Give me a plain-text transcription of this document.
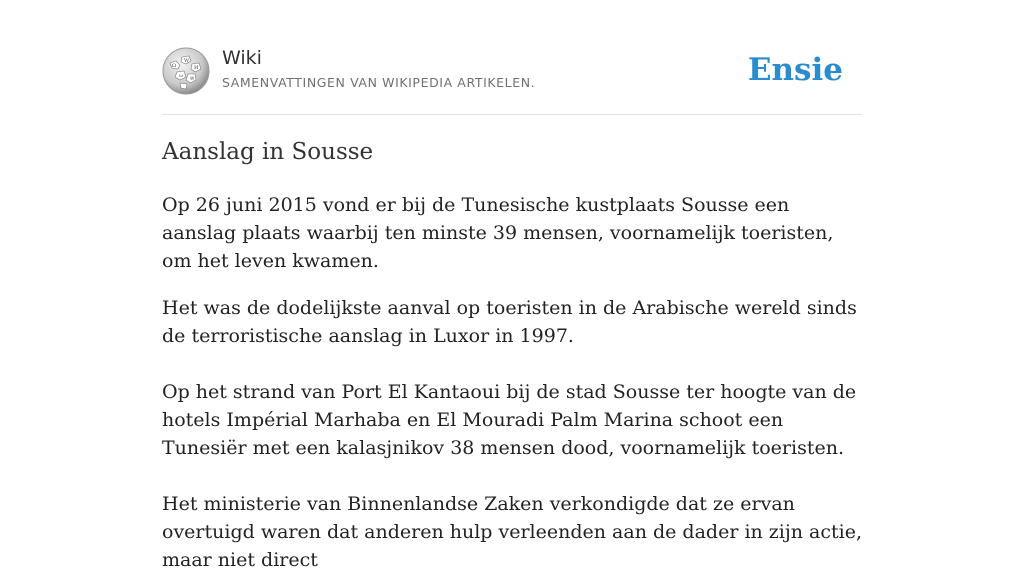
Ω
W
И
ω ज
Wiki
SAMENVATTINGEN VAN WIKIPEDIA ARTIKELEN.	Ensie
Aanslag in Sousse

Op 26 juni 2015 vond er bij de Tunesische kustplaats Sousse een aanslag plaats waarbij ten minste 39 mensen, voornamelijk toeristen, om het leven kwamen.

Het was de dodelijkste aanval op toeristen in de Arabische wereld sinds de terroristische aanslag in Luxor in 1997.

Op het strand van Port El Kantaoui bij de stad Sousse ter hoogte van de hotels Impérial Marhaba en El Mouradi Palm Marina schoot een Tunesiër met een kalasjnikov 38 mensen dood, voornamelijk toeristen.

Het ministerie van Binnenlandse Zaken verkondigde dat ze ervan overtuigd waren dat anderen hulp verleenden aan de dader in zijn actie, maar niet direct
